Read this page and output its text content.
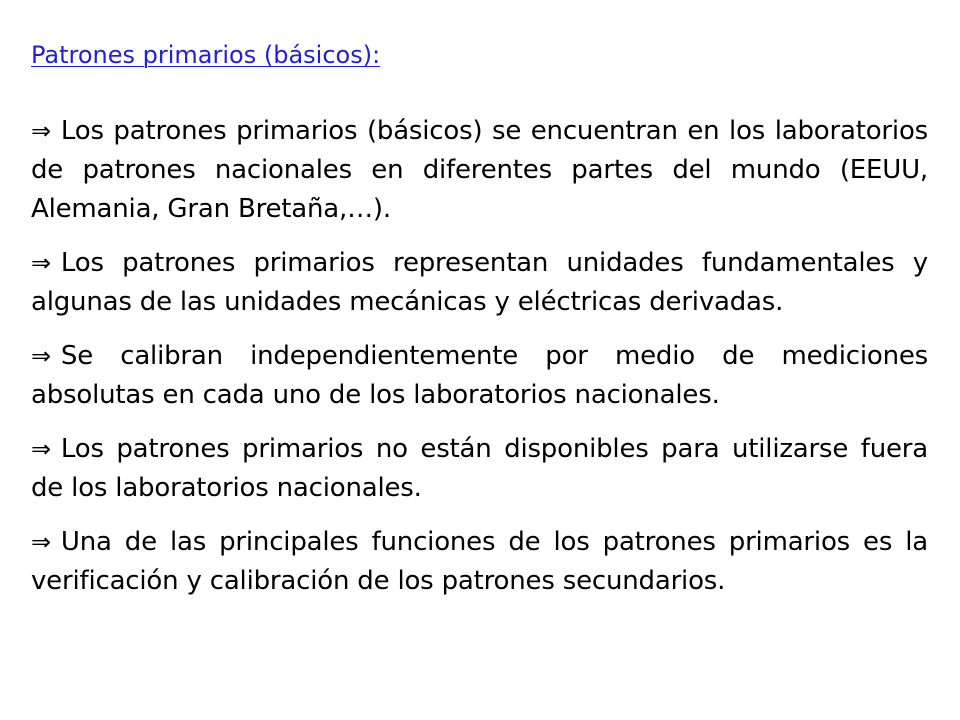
Patrones primarios (básicos):
⇒ Los patrones primarios (básicos) se encuentran en los laboratorios de patrones nacionales en diferentes partes del mundo (EEUU, Alemania, Gran Bretaña,…).
⇒ Los patrones primarios representan unidades fundamentales y algunas de las unidades mecánicas y eléctricas derivadas.
⇒ Se calibran independientemente por medio de mediciones absolutas en cada uno de los laboratorios nacionales.
⇒ Los patrones primarios no están disponibles para utilizarse fuera de los laboratorios nacionales.
⇒ Una de las principales funciones de los patrones primarios es la verificación y calibración de los patrones secundarios.
